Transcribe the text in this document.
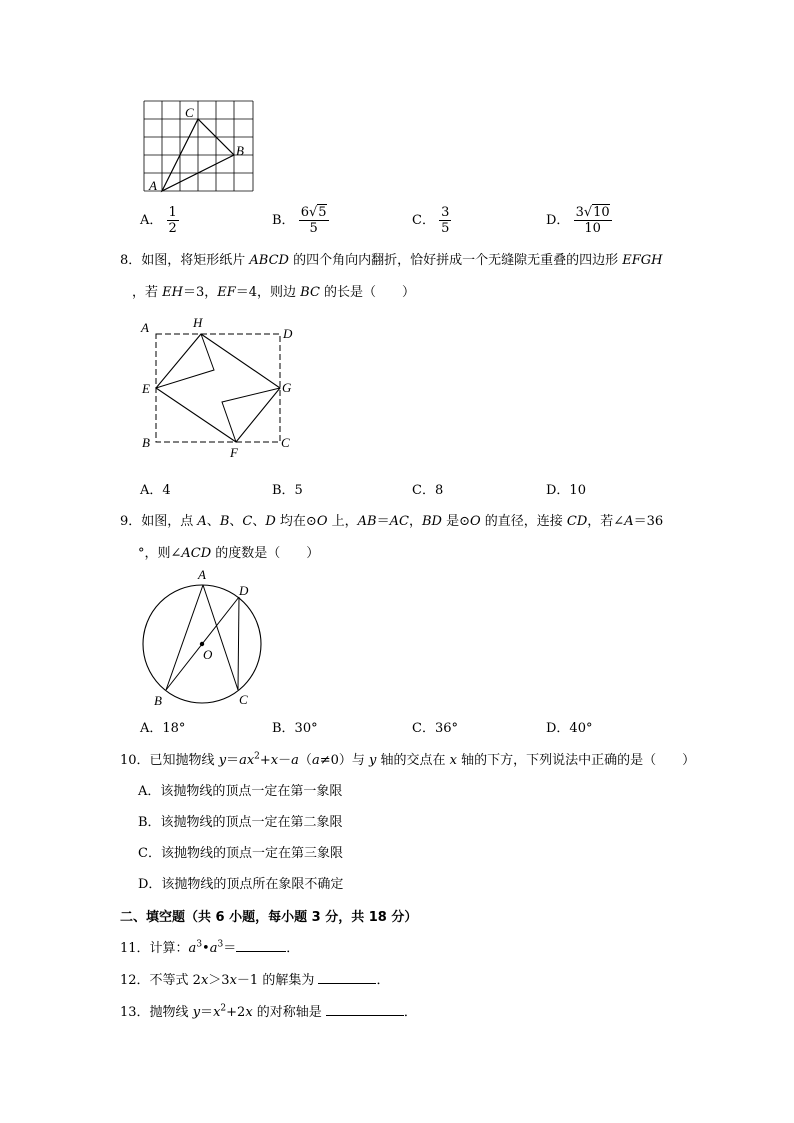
C
B
A
A． $\frac{1}{2}$	B． $\frac{6√5}{5}$	C． $\frac{3}{5}$	D． $\frac{3√10}{10}$
8．如图，将矩形纸片 ABCD 的四个角向内翻折，恰好拼成一个无缝隙无重叠的四边形 EFGH
，若 EH＝3，EF＝4，则边 BC 的长是（　　）
A	H
D
E	G
B
F
C
A．4	B．5	C．8	D．10
9．如图，点 A、B、C、D 均在⊙O 上，AB＝AC，BD 是⊙O 的直径，连接 CD，若∠A＝36
°，则∠ACD 的度数是（　　）
A
D
O
B	C
A．18°	B．30°	C．36°	D．40°
10．已知抛物线 $y=ax^2+x-a(a\ne 0)$与 y 轴的交点在 x 轴的下方，下列说法中正确的是（　　）
A．该抛物线的顶点一定在第一象限
B．该抛物线的顶点一定在第二象限
C．该抛物线的顶点一定在第三象限
D．该抛物线的顶点所在象限不确定
二、填空题（共 6 小题，每小题 3 分，共 18 分）
11．计算：$a^3•a^3=$	．
12．不等式 2x＞3x－1 的解集为	．
13．抛物线 $y=x^2+2x$ 的对称轴是	．
